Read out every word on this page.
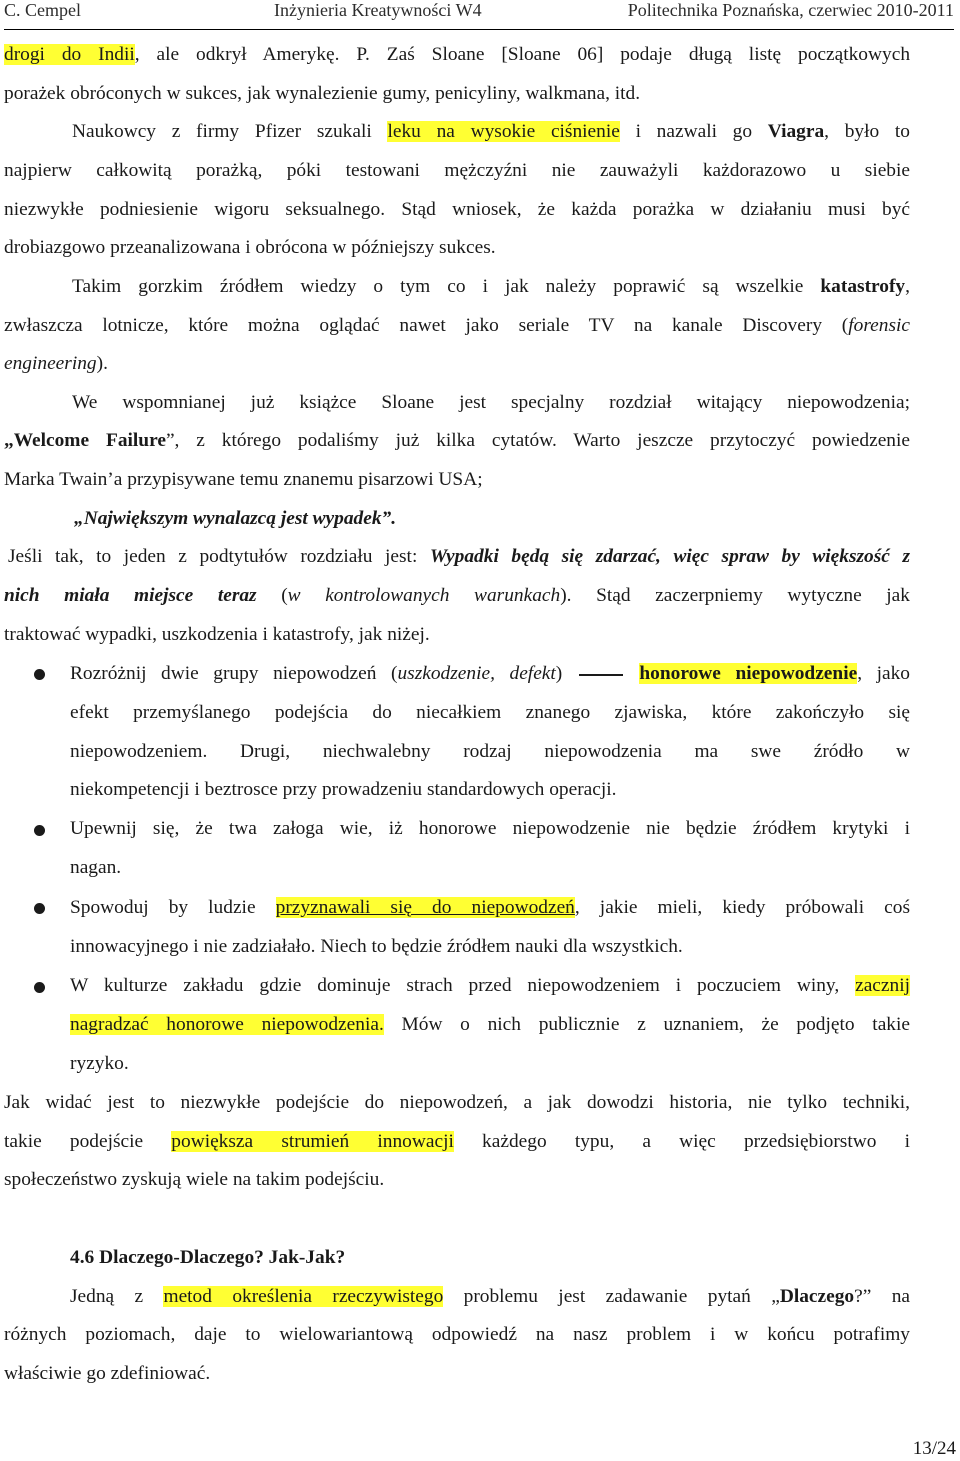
C. Cempel	Inżynieria Kreatywności W4	Politechnika Poznańska, czerwiec 2010-2011
drogi do Indii, ale odkrył Amerykę. P. Zaś Sloane [Sloane 06] podaje długą listę początkowych
porażek obróconych w sukces, jak wynalezienie gumy, penicyliny, walkmana, itd.
Naukowcy z firmy Pfizer szukali leku na wysokie ciśnienie i nazwali go Viagra, było to
najpierw całkowitą porażką, póki testowani mężczyźni nie zauważyli każdorazowo u siebie
niezwykłe podniesienie wigoru seksualnego. Stąd wniosek, że każda porażka w działaniu musi być
drobiazgowo przeanalizowana i obrócona w późniejszy sukces.
Takim gorzkim źródłem wiedzy o tym co i jak należy poprawić są wszelkie katastrofy,
zwłaszcza lotnicze, które można oglądać nawet jako seriale TV na kanale Discovery (forensic
engineering).
We wspomnianej już książce Sloane jest specjalny rozdział witający niepowodzenia;
„Welcome Failure”, z którego podaliśmy już kilka cytatów. Warto jeszcze przytoczyć powiedzenie
Marka Twain’a przypisywane temu znanemu pisarzowi USA;
„Największym wynalazcą jest wypadek”.
Jeśli tak, to jeden z podtytułów rozdziału jest: Wypadki będą się zdarzać, więc spraw by większość z
nich miała miejsce teraz (w kontrolowanych warunkach). Stąd zaczerpniemy wytyczne jak
traktować wypadki, uszkodzenia i katastrofy, jak niżej.
Rozróżnij dwie grupy niepowodzeń (uszkodzenie, defekt)	honorowe niepowodzenie, jako
efekt przemyślanego podejścia do niecałkiem znanego zjawiska, które zakończyło się
niepowodzeniem. Drugi, niechwalebny rodzaj niepowodzenia ma swe źródło w
niekompetencji i beztrosce przy prowadzeniu standardowych operacji.
Upewnij się, że twa załoga wie, iż honorowe niepowodzenie nie będzie źródłem krytyki i
nagan.
Spowoduj by ludzie przyznawali się do niepowodzeń, jakie mieli, kiedy próbowali coś
innowacyjnego i nie zadziałało. Niech to będzie źródłem nauki dla wszystkich.
W kulturze zakładu gdzie dominuje strach przed niepowodzeniem i poczuciem winy, zacznij
nagradzać honorowe niepowodzenia. Mów o nich publicznie z uznaniem, że podjęto takie
ryzyko.
Jak widać jest to niezwykłe podejście do niepowodzeń, a jak dowodzi historia, nie tylko techniki,
takie podejście powiększa strumień innowacji każdego typu, a więc przedsiębiorstwo i
społeczeństwo zyskują wiele na takim podejściu.
4.6 Dlaczego-Dlaczego? Jak-Jak?
Jedną z metod określenia rzeczywistego problemu jest zadawanie pytań „Dlaczego?” na
różnych poziomach, daje to wielowariantową odpowiedź na nasz problem i w końcu potrafimy
właściwie go zdefiniować.
13/24
